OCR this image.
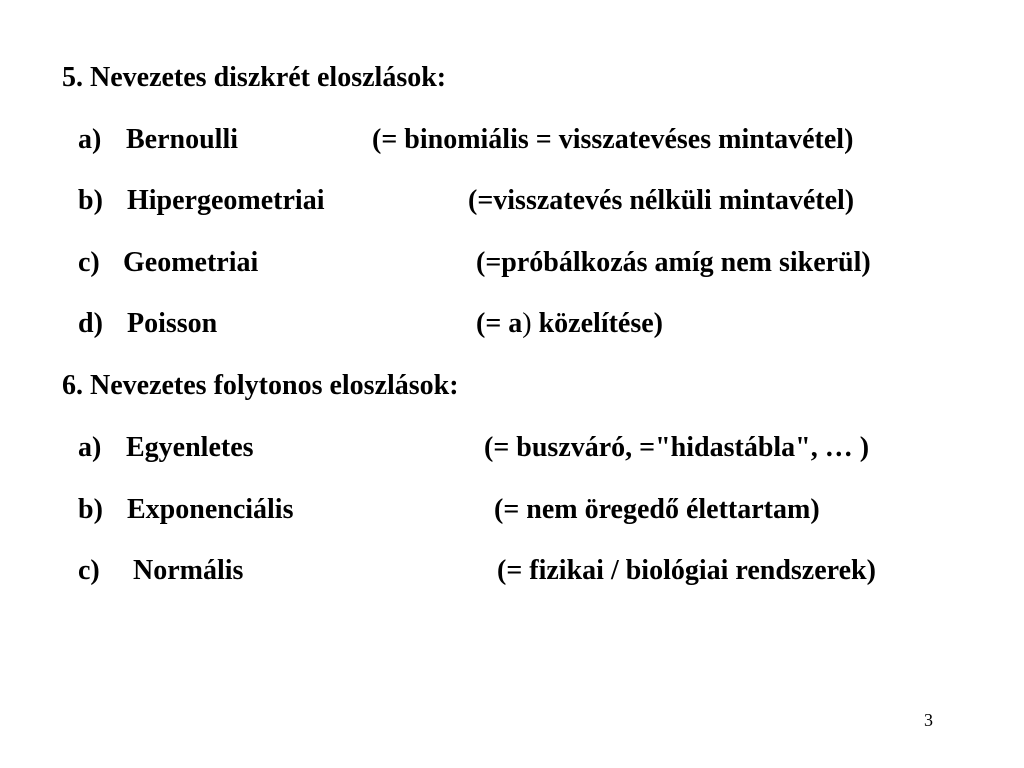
5. Nevezetes diszkrét eloszlások:
a) Bernoulli	(= binomiális = visszatevéses mintavétel)
b) Hipergeometriai	(=visszatevés nélküli mintavétel)
c) Geometriai	(=próbálkozás amíg nem sikerül)
d) Poisson	(= a) közelítése)
6. Nevezetes folytonos eloszlások:
a) Egyenletes	(= buszváró, ="hidastábla", … )
b) Exponenciális	(= nem öregedő élettartam)
c) Normális	(= fizikai / biológiai rendszerek)
3
